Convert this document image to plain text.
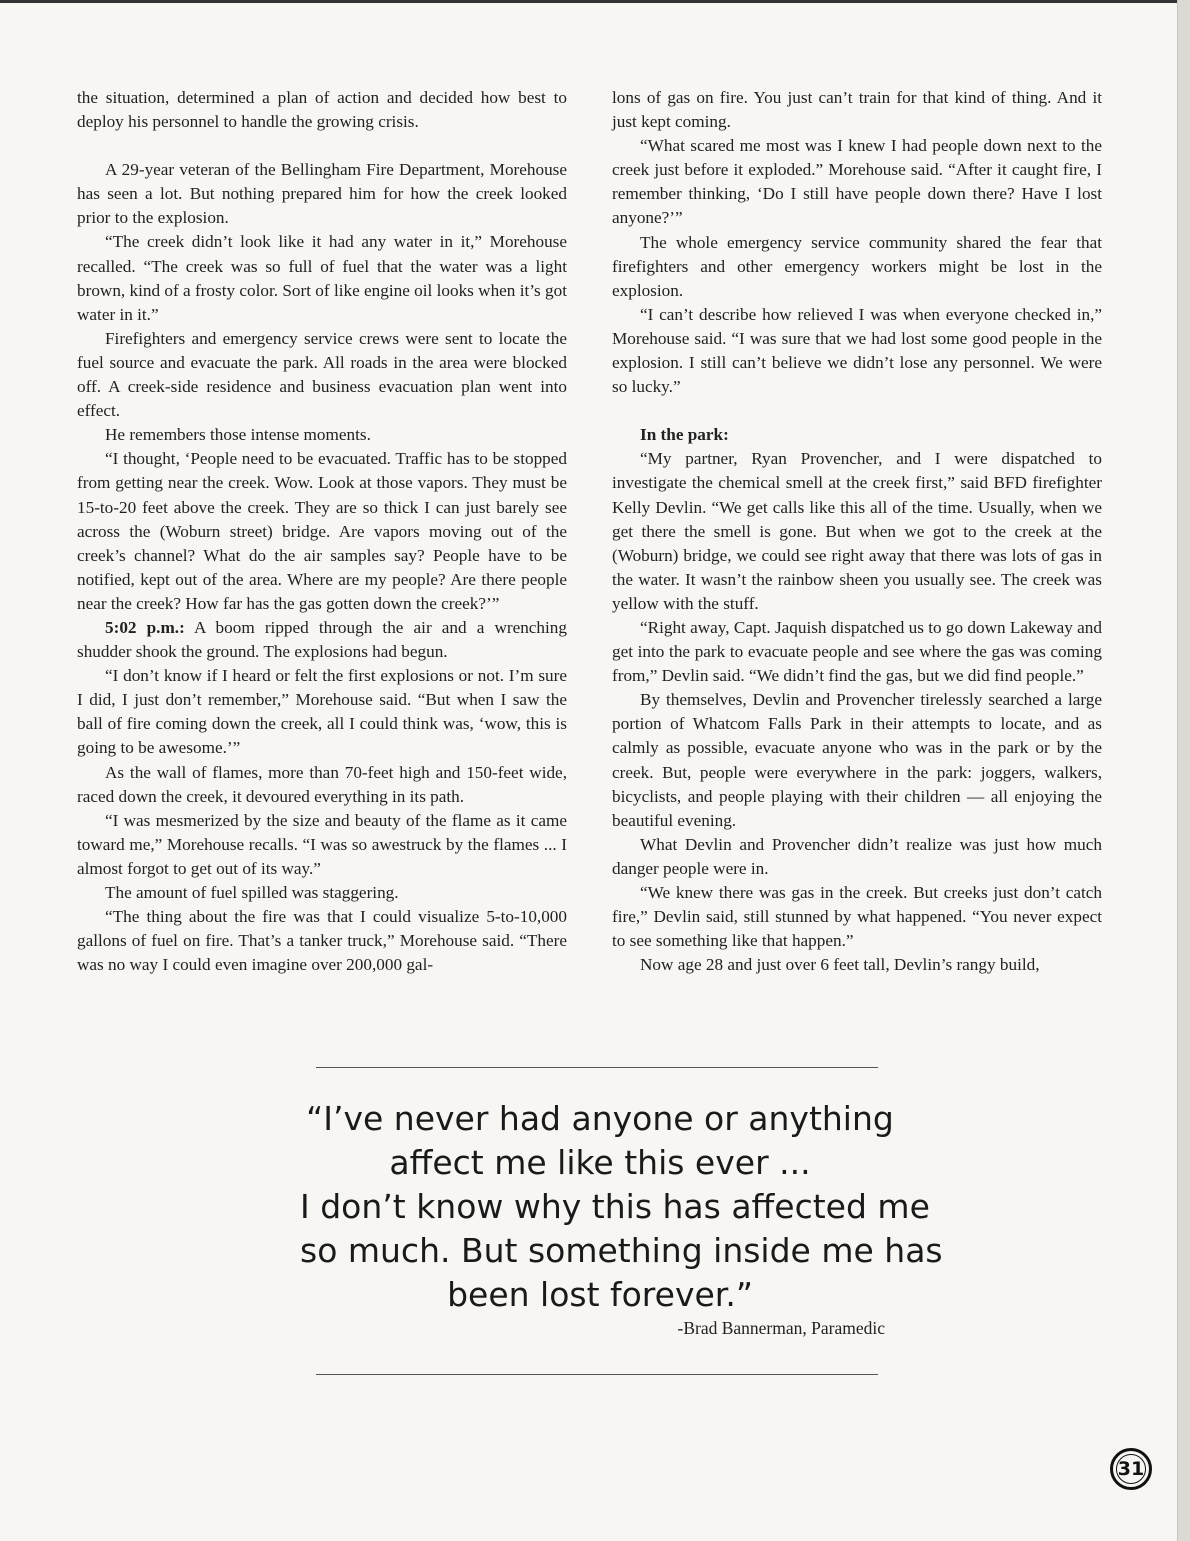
the situation, determined a plan of action and decided how best to deploy his personnel to handle the growing crisis.

A 29-year veteran of the Bellingham Fire Department, Morehouse has seen a lot. But nothing prepared him for how the creek looked prior to the explosion.

“The creek didn’t look like it had any water in it,” Morehouse recalled. “The creek was so full of fuel that the water was a light brown, kind of a frosty color. Sort of like engine oil looks when it’s got water in it.”

Firefighters and emergency service crews were sent to locate the fuel source and evacuate the park. All roads in the area were blocked off. A creek-side residence and business evacuation plan went into effect.

He remembers those intense moments.

“I thought, ‘People need to be evacuated. Traffic has to be stopped from getting near the creek. Wow. Look at those vapors. They must be 15-to-20 feet above the creek. They are so thick I can just barely see across the (Woburn street) bridge. Are vapors moving out of the creek’s channel? What do the air samples say? People have to be notified, kept out of the area. Where are my people? Are there people near the creek? How far has the gas gotten down the creek?’”

5:02 p.m.: A boom ripped through the air and a wrenching shudder shook the ground. The explosions had begun.

“I don’t know if I heard or felt the first explosions or not. I’m sure I did, I just don’t remember,” Morehouse said. “But when I saw the ball of fire coming down the creek, all I could think was, ‘wow, this is going to be awesome.’”

As the wall of flames, more than 70-feet high and 150-feet wide, raced down the creek, it devoured everything in its path.

“I was mesmerized by the size and beauty of the flame as it came toward me,” Morehouse recalls. “I was so awestruck by the flames ... I almost forgot to get out of its way.”

The amount of fuel spilled was staggering.

“The thing about the fire was that I could visualize 5-to-10,000 gallons of fuel on fire. That’s a tanker truck,” Morehouse said. “There was no way I could even imagine over 200,000 gal-

lons of gas on fire. You just can’t train for that kind of thing. And it just kept coming.

“What scared me most was I knew I had people down next to the creek just before it exploded.” Morehouse said. “After it caught fire, I remember thinking, ‘Do I still have people down there? Have I lost anyone?’”

The whole emergency service community shared the fear that firefighters and other emergency workers might be lost in the explosion.

“I can’t describe how relieved I was when everyone checked in,” Morehouse said. “I was sure that we had lost some good people in the explosion. I still can’t believe we didn’t lose any personnel. We were so lucky.”

In the park:

“My partner, Ryan Provencher, and I were dispatched to investigate the chemical smell at the creek first,” said BFD firefighter Kelly Devlin. “We get calls like this all of the time. Usually, when we get there the smell is gone. But when we got to the creek at the (Woburn) bridge, we could see right away that there was lots of gas in the water. It wasn’t the rainbow sheen you usually see. The creek was yellow with the stuff.

“Right away, Capt. Jaquish dispatched us to go down Lakeway and get into the park to evacuate people and see where the gas was coming from,” Devlin said. “We didn’t find the gas, but we did find people.”

By themselves, Devlin and Provencher tirelessly searched a large portion of Whatcom Falls Park in their attempts to locate, and as calmly as possible, evacuate anyone who was in the park or by the creek. But, people were everywhere in the park: joggers, walkers, bicyclists, and people playing with their children — all enjoying the beautiful evening.

What Devlin and Provencher didn’t realize was just how much danger people were in.

“We knew there was gas in the creek. But creeks just don’t catch fire,” Devlin said, still stunned by what happened. “You never expect to see something like that happen.”

Now age 28 and just over 6 feet tall, Devlin’s rangy build,

“I’ve never had anyone or anything
affect me like this ever ...
I don’t know why this has affected me
so much. But something inside me has
been lost forever.”
-Brad Bannerman, Paramedic
31
